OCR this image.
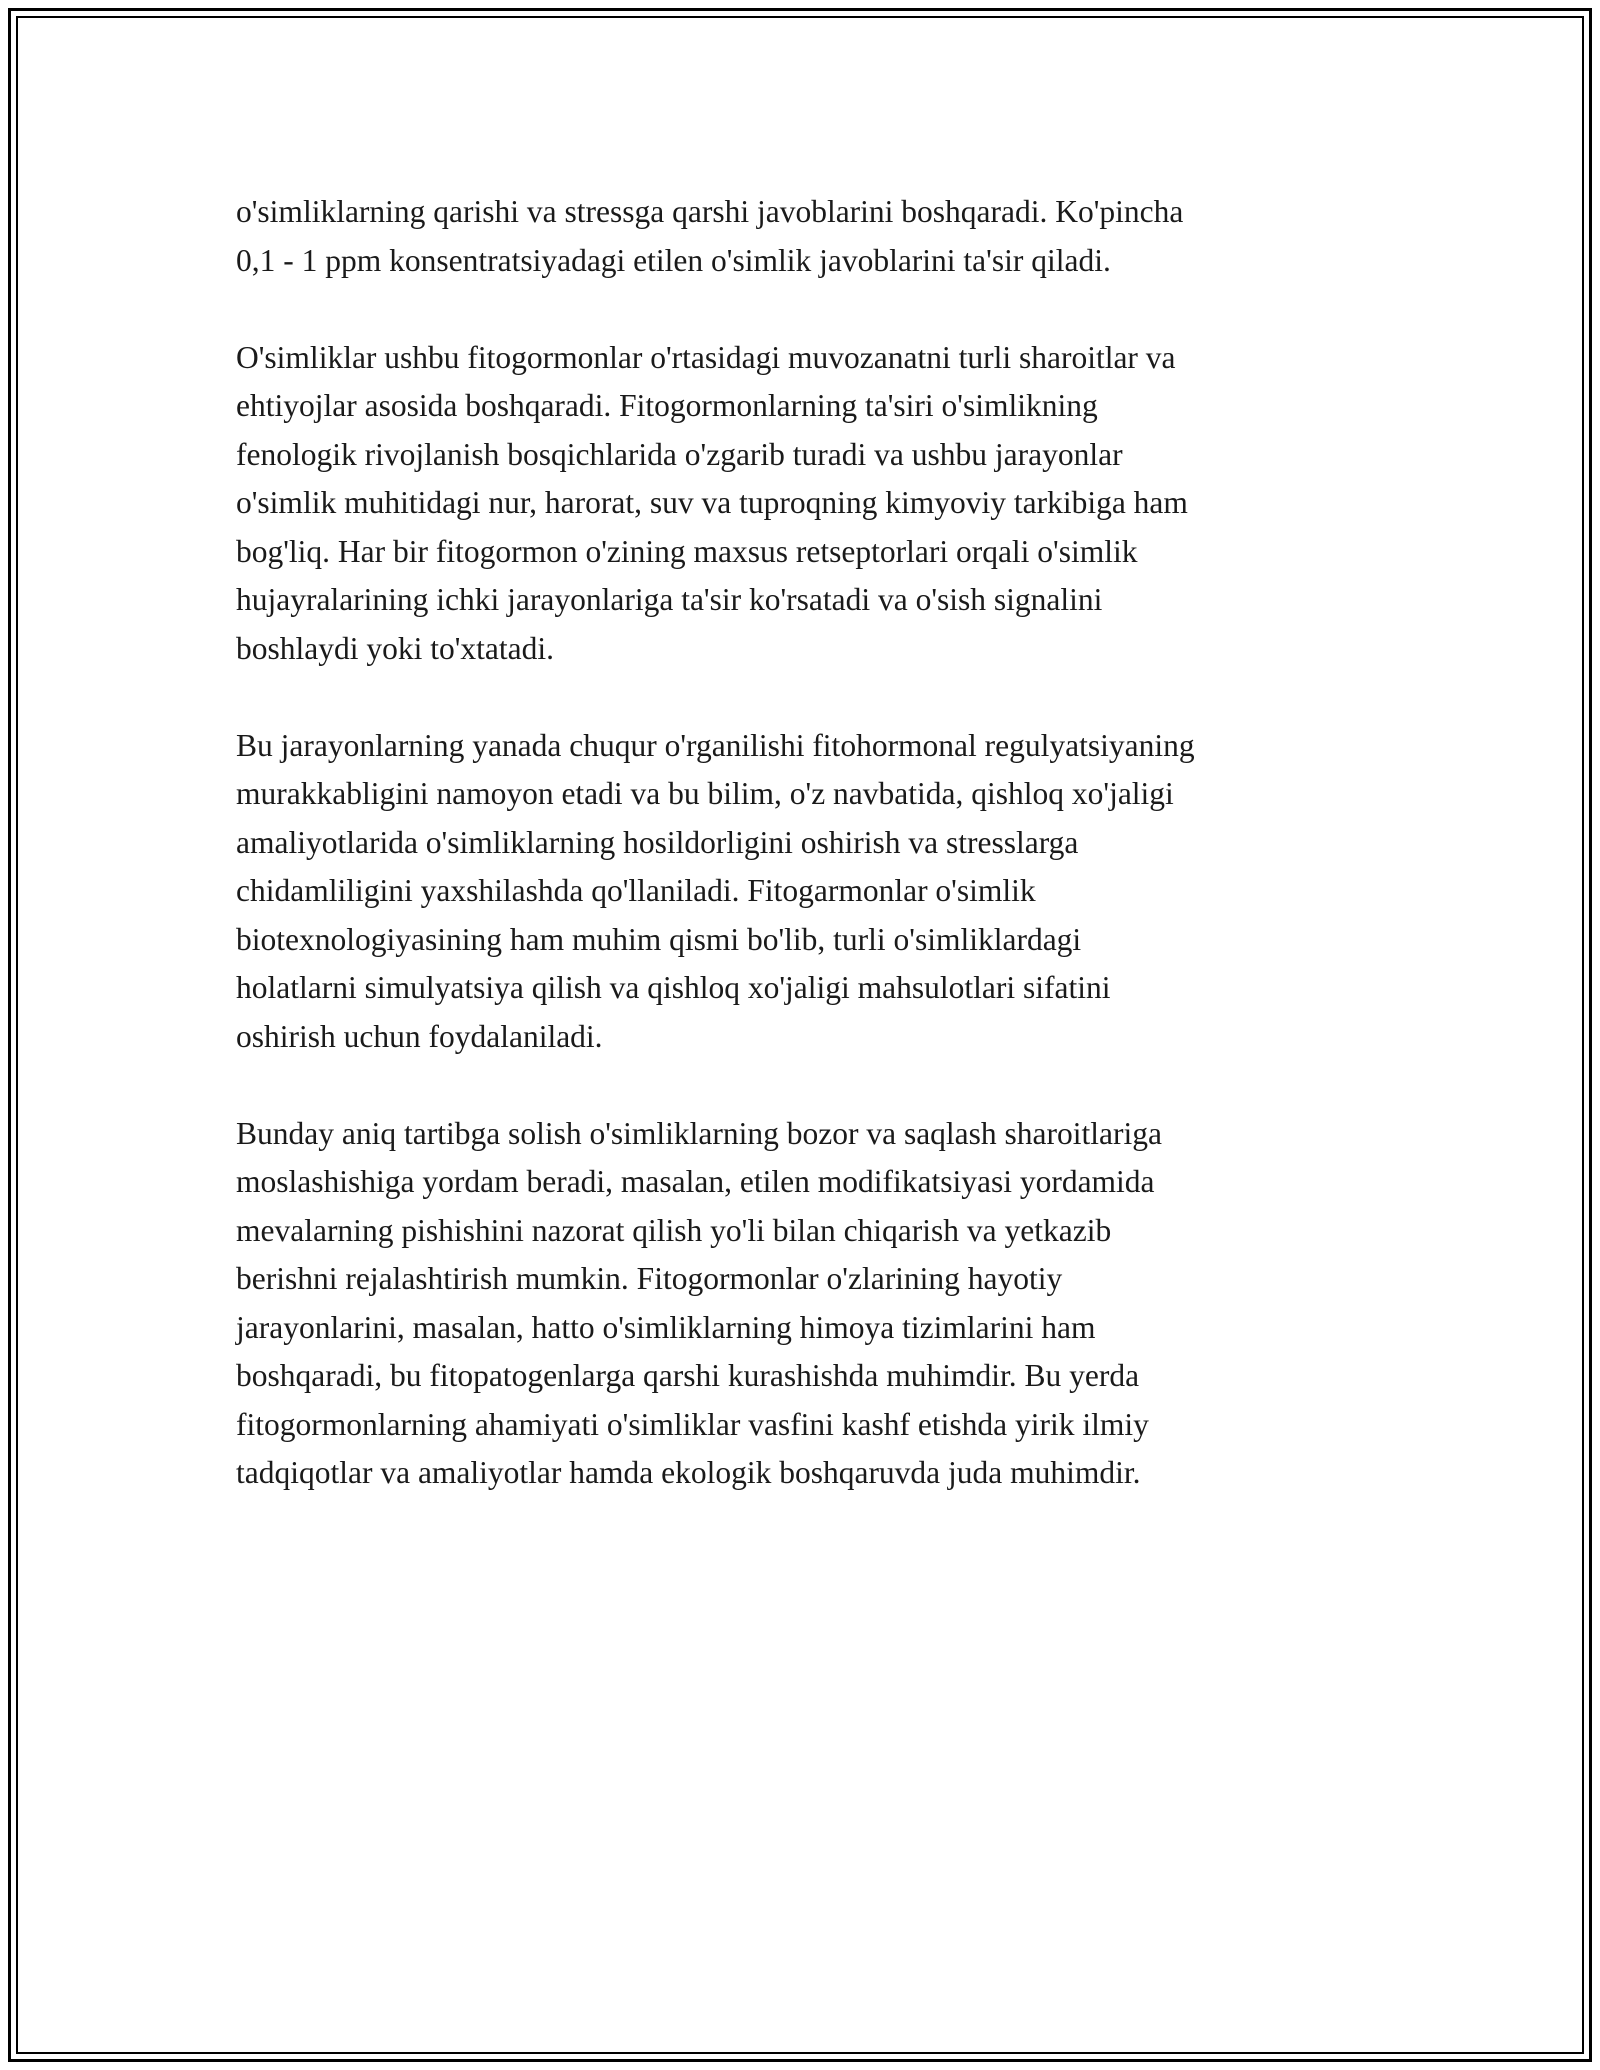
o'simliklarning qarishi va stressga qarshi javoblarini boshqaradi. Ko'pincha
0,1 - 1 ppm konsentratsiyadagi etilen o'simlik javoblarini ta'sir qiladi.

O'simliklar ushbu fitogormonlar o'rtasidagi muvozanatni turli sharoitlar va
ehtiyojlar asosida boshqaradi. Fitogormonlarning ta'siri o'simlikning
fenologik rivojlanish bosqichlarida o'zgarib turadi va ushbu jarayonlar
o'simlik muhitidagi nur, harorat, suv va tuproqning kimyoviy tarkibiga ham
bog'liq. Har bir fitogormon o'zining maxsus retseptorlari orqali o'simlik
hujayralarining ichki jarayonlariga ta'sir ko'rsatadi va o'sish signalini
boshlaydi yoki to'xtatadi.

Bu jarayonlarning yanada chuqur o'rganilishi fitohormonal regulyatsiyaning
murakkabligini namoyon etadi va bu bilim, o'z navbatida, qishloq xo'jaligi
amaliyotlarida o'simliklarning hosildorligini oshirish va stresslarga
chidamliligini yaxshilashda qo'llaniladi. Fitogarmonlar o'simlik
biotexnologiyasining ham muhim qismi bo'lib, turli o'simliklardagi
holatlarni simulyatsiya qilish va qishloq xo'jaligi mahsulotlari sifatini
oshirish uchun foydalaniladi.

Bunday aniq tartibga solish o'simliklarning bozor va saqlash sharoitlariga
moslashishiga yordam beradi, masalan, etilen modifikatsiyasi yordamida
mevalarning pishishini nazorat qilish yo'li bilan chiqarish va yetkazib
berishni rejalashtirish mumkin. Fitogormonlar o'zlarining hayotiy
jarayonlarini, masalan, hatto o'simliklarning himoya tizimlarini ham
boshqaradi, bu fitopatogenlarga qarshi kurashishda muhimdir. Bu yerda
fitogormonlarning ahamiyati o'simliklar vasfini kashf etishda yirik ilmiy
tadqiqotlar va amaliyotlar hamda ekologik boshqaruvda juda muhimdir.
